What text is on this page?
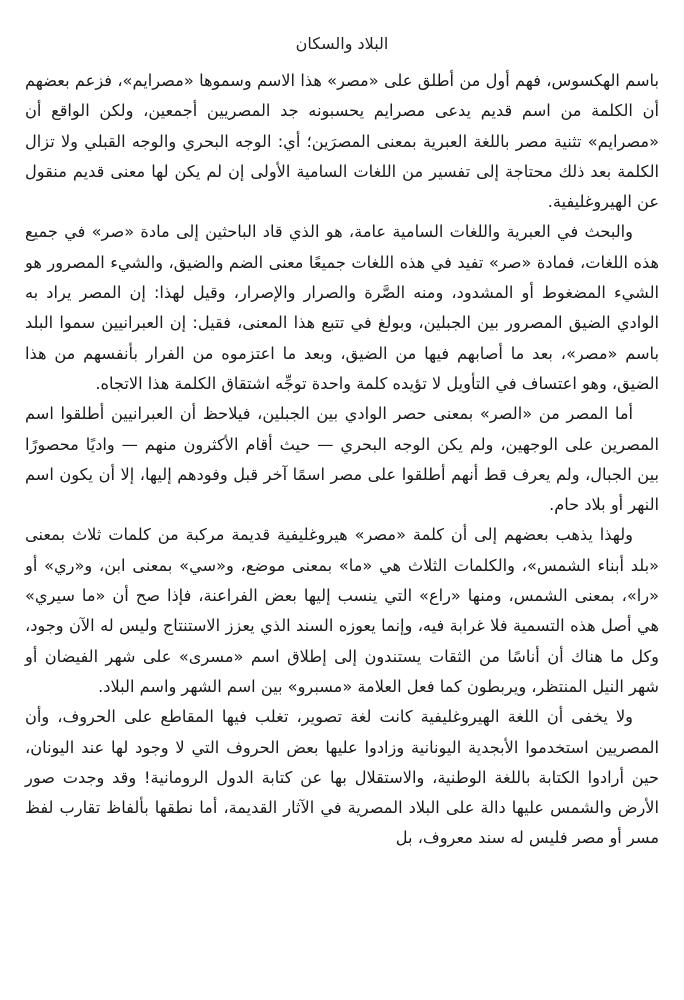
البلاد والسكان

باسم الهكسوس، فهم أول من أطلق على «مصر» هذا الاسم وسموها «مصرايم»، فزعم بعضهم أن الكلمة من اسم قديم يدعى مصرايم يحسبونه جد المصريين أجمعين، ولكن الواقع أن «مصرايم» تثنية مصر باللغة العبرية بمعنى المصرَين؛ أي: الوجه البحري والوجه القبلي ولا تزال الكلمة بعد ذلك محتاجة إلى تفسير من اللغات السامية الأولى إن لم يكن لها معنى قديم منقول عن الهيروغليفية.

والبحث في العبرية واللغات السامية عامة، هو الذي قاد الباحثين إلى مادة «صر» في جميع هذه اللغات، فمادة «صر» تفيد في هذه اللغات جميعًا معنى الضم والضيق، والشيء المصرور هو الشيء المضغوط أو المشدود، ومنه الصَّرة والصرار والإصرار، وقيل لهذا: إن المصر يراد به الوادي الضيق المصرور بين الجبلين، وبولغ في تتبع هذا المعنى، فقيل: إن العبرانيين سموا البلد باسم «مصر»، بعد ما أصابهم فيها من الضيق، وبعد ما اعتزموه من الفرار بأنفسهم من هذا الضيق، وهو اعتساف في التأويل لا تؤيده كلمة واحدة توجِّه اشتقاق الكلمة هذا الاتجاه.

أما المصر من «الصر» بمعنى حصر الوادي بين الجبلين، فيلاحظ أن العبرانيين أطلقوا اسم المصرين على الوجهين، ولم يكن الوجه البحري — حيث أقام الأكثرون منهم — واديًا محصورًا بين الجبال، ولم يعرف قط أنهم أطلقوا على مصر اسمًا آخر قبل وفودهم إليها، إلا أن يكون اسم النهر أو بلاد حام.

ولهذا يذهب بعضهم إلى أن كلمة «مصر» هيروغليفية قديمة مركبة من كلمات ثلاث بمعنى «بلد أبناء الشمس»، والكلمات الثلاث هي «ما» بمعنى موضع، و«سي» بمعنى ابن، و«ري» أو «را»، بمعنى الشمس، ومنها «راع» التي ينسب إليها بعض الفراعنة، فإذا صح أن «ما سيري» هي أصل هذه التسمية فلا غرابة فيه، وإنما يعوزه السند الذي يعزز الاستنتاج وليس له الآن وجود، وكل ما هناك أن أناسًا من الثقات يستندون إلى إطلاق اسم «مسرى» على شهر الفيضان أو شهر النيل المنتظر، ويربطون كما فعل العلامة «مسبرو» بين اسم الشهر واسم البلاد.

ولا يخفى أن اللغة الهيروغليفية كانت لغة تصوير، تغلب فيها المقاطع على الحروف، وأن المصريين استخدموا الأبجدية اليونانية وزادوا عليها بعض الحروف التي لا وجود لها عند اليونان، حين أرادوا الكتابة باللغة الوطنية، والاستقلال بها عن كتابة الدول الرومانية! وقد وجدت صور الأرض والشمس عليها دالة على البلاد المصرية في الآثار القديمة، أما نطقها بألفاظ تقارب لفظ مسر أو مصر فليس له سند معروف، بل
